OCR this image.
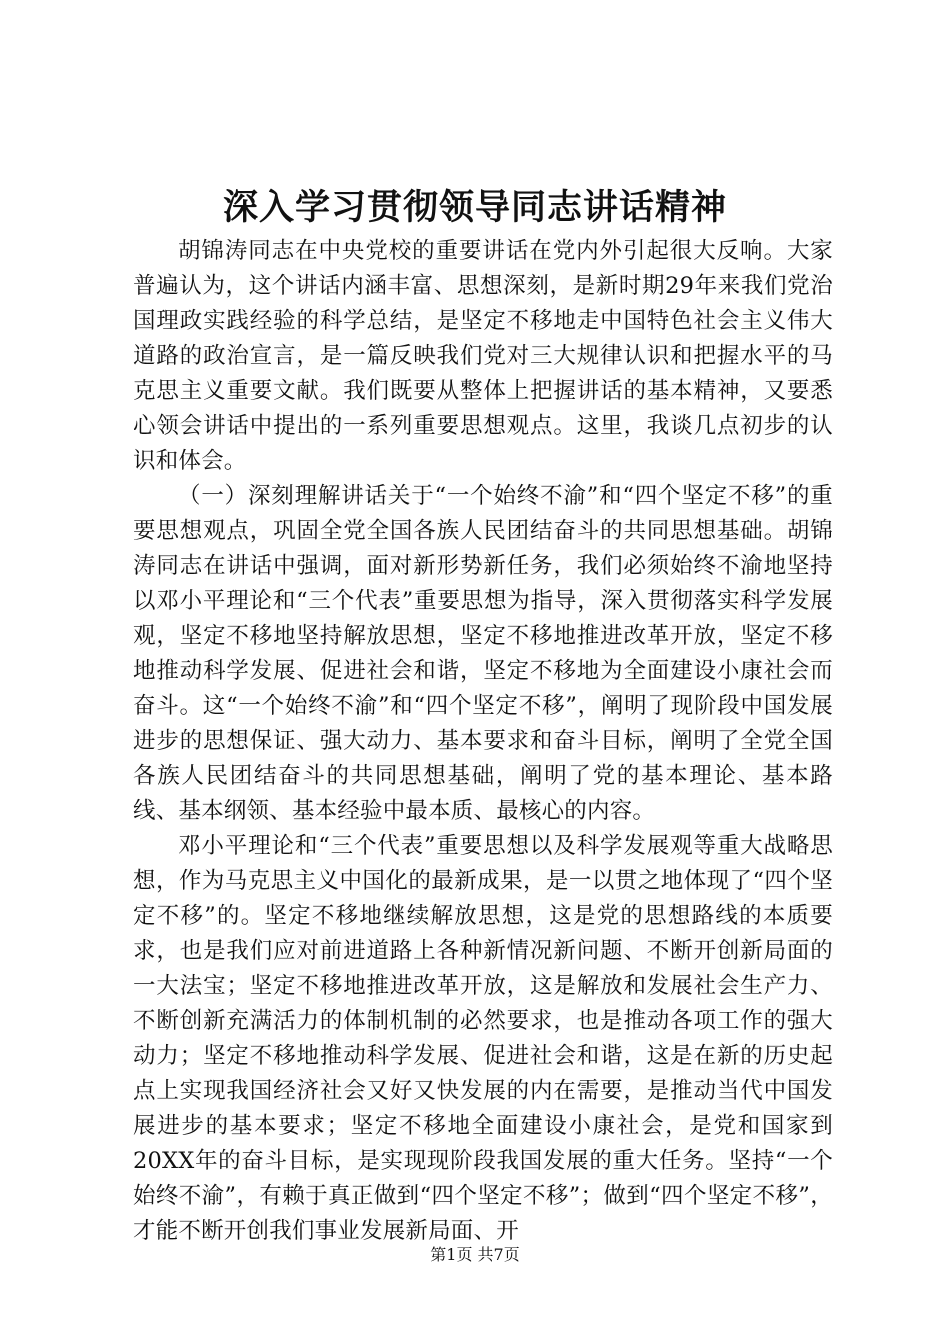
深入学习贯彻领导同志讲话精神

胡锦涛同志在中央党校的重要讲话在党内外引起很大反响。大家普遍认为，这个讲话内涵丰富、思想深刻，是新时期29年来我们党治国理政实践经验的科学总结，是坚定不移地走中国特色社会主义伟大道路的政治宣言，是一篇反映我们党对三大规律认识和把握水平的马克思主义重要文献。我们既要从整体上把握讲话的基本精神，又要悉心领会讲话中提出的一系列重要思想观点。这里，我谈几点初步的认识和体会。

（一）深刻理解讲话关于“一个始终不渝”和“四个坚定不移”的重要思想观点，巩固全党全国各族人民团结奋斗的共同思想基础。胡锦涛同志在讲话中强调，面对新形势新任务，我们必须始终不渝地坚持以邓小平理论和“三个代表”重要思想为指导，深入贯彻落实科学发展观，坚定不移地坚持解放思想，坚定不移地推进改革开放，坚定不移地推动科学发展、促进社会和谐，坚定不移地为全面建设小康社会而奋斗。这“一个始终不渝”和“四个坚定不移”，阐明了现阶段中国发展进步的思想保证、强大动力、基本要求和奋斗目标，阐明了全党全国各族人民团结奋斗的共同思想基础，阐明了党的基本理论、基本路线、基本纲领、基本经验中最本质、最核心的内容。

邓小平理论和“三个代表”重要思想以及科学发展观等重大战略思想，作为马克思主义中国化的最新成果，是一以贯之地体现了“四个坚定不移”的。坚定不移地继续解放思想，这是党的思想路线的本质要求，也是我们应对前进道路上各种新情况新问题、不断开创新局面的一大法宝；坚定不移地推进改革开放，这是解放和发展社会生产力、不断创新充满活力的体制机制的必然要求，也是推动各项工作的强大动力；坚定不移地推动科学发展、促进社会和谐，这是在新的历史起点上实现我国经济社会又好又快发展的内在需要，是推动当代中国发展进步的基本要求；坚定不移地全面建设小康社会，是党和国家到20XX年的奋斗目标，是实现现阶段我国发展的重大任务。坚持“一个始终不渝”，有赖于真正做到“四个坚定不移”；做到“四个坚定不移”，才能不断开创我们事业发展新局面、开

第1页 共7页
